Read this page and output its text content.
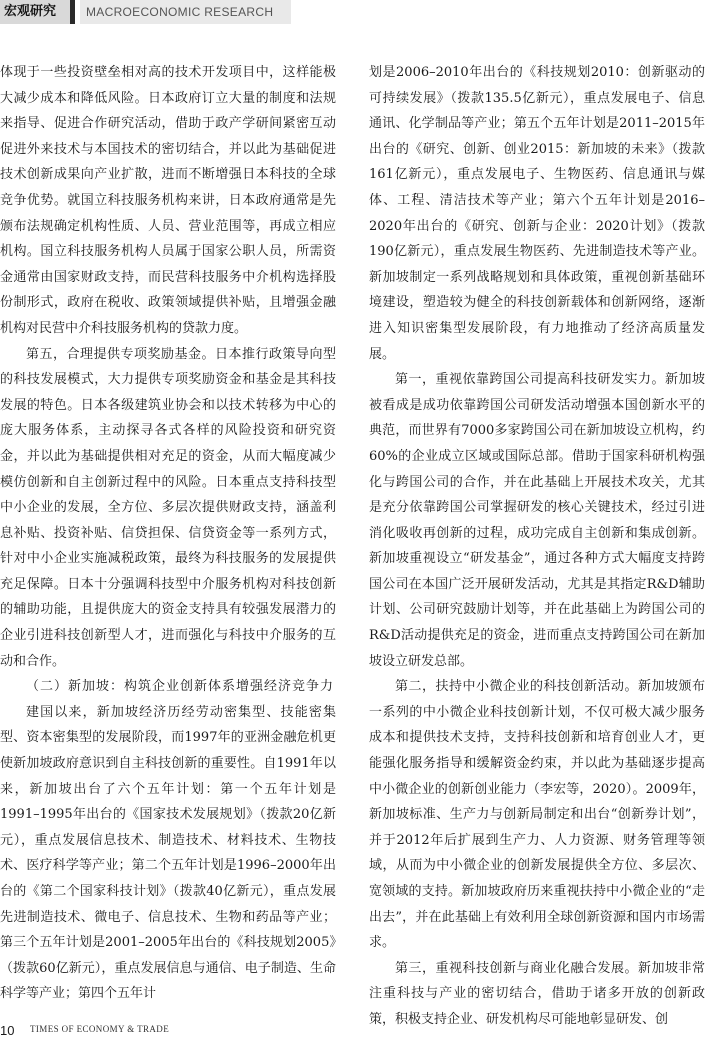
宏观研究	MACROECONOMIC RESEARCH

体现于一些投资壁垒相对高的技术开发项目中，这样能极大减少成本和降低风险。日本政府订立大量的制度和法规来指导、促进合作研究活动，借助于政产学研间紧密互动促进外来技术与本国技术的密切结合，并以此为基础促进技术创新成果向产业扩散，进而不断增强日本科技的全球竞争优势。就国立科技服务机构来讲，日本政府通常是先颁布法规确定机构性质、人员、营业范围等，再成立相应机构。国立科技服务机构人员属于国家公职人员，所需资金通常由国家财政支持，而民营科技服务中介机构选择股份制形式，政府在税收、政策领域提供补贴，且增强金融机构对民营中介科技服务机构的贷款力度。

第五，合理提供专项奖励基金。日本推行政策导向型的科技发展模式，大力提供专项奖励资金和基金是其科技发展的特色。日本各级建筑业协会和以技术转移为中心的庞大服务体系，主动探寻各式各样的风险投资和研究资金，并以此为基础提供相对充足的资金，从而大幅度减少模仿创新和自主创新过程中的风险。日本重点支持科技型中小企业的发展，全方位、多层次提供财政支持，涵盖利息补贴、投资补贴、信贷担保、信贷资金等一系列方式，针对中小企业实施减税政策，最终为科技服务的发展提供充足保障。日本十分强调科技型中介服务机构对科技创新的辅助功能，且提供庞大的资金支持具有较强发展潜力的企业引进科技创新型人才，进而强化与科技中介服务的互动和合作。

（二）新加坡：构筑企业创新体系增强经济竞争力

建国以来，新加坡经济历经劳动密集型、技能密集型、资本密集型的发展阶段，而1997年的亚洲金融危机更使新加坡政府意识到自主科技创新的重要性。自1991年以来，新加坡出台了六个五年计划：第一个五年计划是1991–1995年出台的《国家技术发展规划》（拨款20亿新元），重点发展信息技术、制造技术、材料技术、生物技术、医疗科学等产业；第二个五年计划是1996–2000年出台的《第二个国家科技计划》（拨款40亿新元），重点发展先进制造技术、微电子、信息技术、生物和药品等产业；第三个五年计划是2001–2005年出台的《科技规划2005》（拨款60亿新元），重点发展信息与通信、电子制造、生命科学等产业；第四个五年计

划是2006–2010年出台的《科技规划2010：创新驱动的可持续发展》（拨款135.5亿新元），重点发展电子、信息通讯、化学制品等产业；第五个五年计划是2011–2015年出台的《研究、创新、创业2015：新加坡的未来》（拨款161亿新元），重点发展电子、生物医药、信息通讯与媒体、工程、清洁技术等产业；第六个五年计划是2016–2020年出台的《研究、创新与企业：2020计划》（拨款190亿新元），重点发展生物医药、先进制造技术等产业。新加坡制定一系列战略规划和具体政策，重视创新基础环境建设，塑造较为健全的科技创新载体和创新网络，逐渐进入知识密集型发展阶段，有力地推动了经济高质量发展。

第一，重视依靠跨国公司提高科技研发实力。新加坡被看成是成功依靠跨国公司研发活动增强本国创新水平的典范，而世界有7000多家跨国公司在新加坡设立机构，约60%的企业成立区域或国际总部。借助于国家科研机构强化与跨国公司的合作，并在此基础上开展技术攻关，尤其是充分依靠跨国公司掌握研发的核心关键技术，经过引进消化吸收再创新的过程，成功完成自主创新和集成创新。新加坡重视设立“研发基金”，通过各种方式大幅度支持跨国公司在本国广泛开展研发活动，尤其是其指定R&D辅助计划、公司研究鼓励计划等，并在此基础上为跨国公司的R&D活动提供充足的资金，进而重点支持跨国公司在新加坡设立研发总部。

第二，扶持中小微企业的科技创新活动。新加坡颁布一系列的中小微企业科技创新计划，不仅可极大减少服务成本和提供技术支持，支持科技创新和培育创业人才，更能强化服务指导和缓解资金约束，并以此为基础逐步提高中小微企业的创新创业能力（李宏等，2020）。2009年，新加坡标准、生产力与创新局制定和出台“创新券计划”，并于2012年后扩展到生产力、人力资源、财务管理等领域，从而为中小微企业的创新发展提供全方位、多层次、宽领域的支持。新加坡政府历来重视扶持中小微企业的“走出去”，并在此基础上有效利用全球创新资源和国内市场需求。

第三，重视科技创新与商业化融合发展。新加坡非常注重科技与产业的密切结合，借助于诸多开放的创新政策，积极支持企业、研发机构尽可能地彰显研发、创

10 TIMES OF ECONOMY & TRADE
